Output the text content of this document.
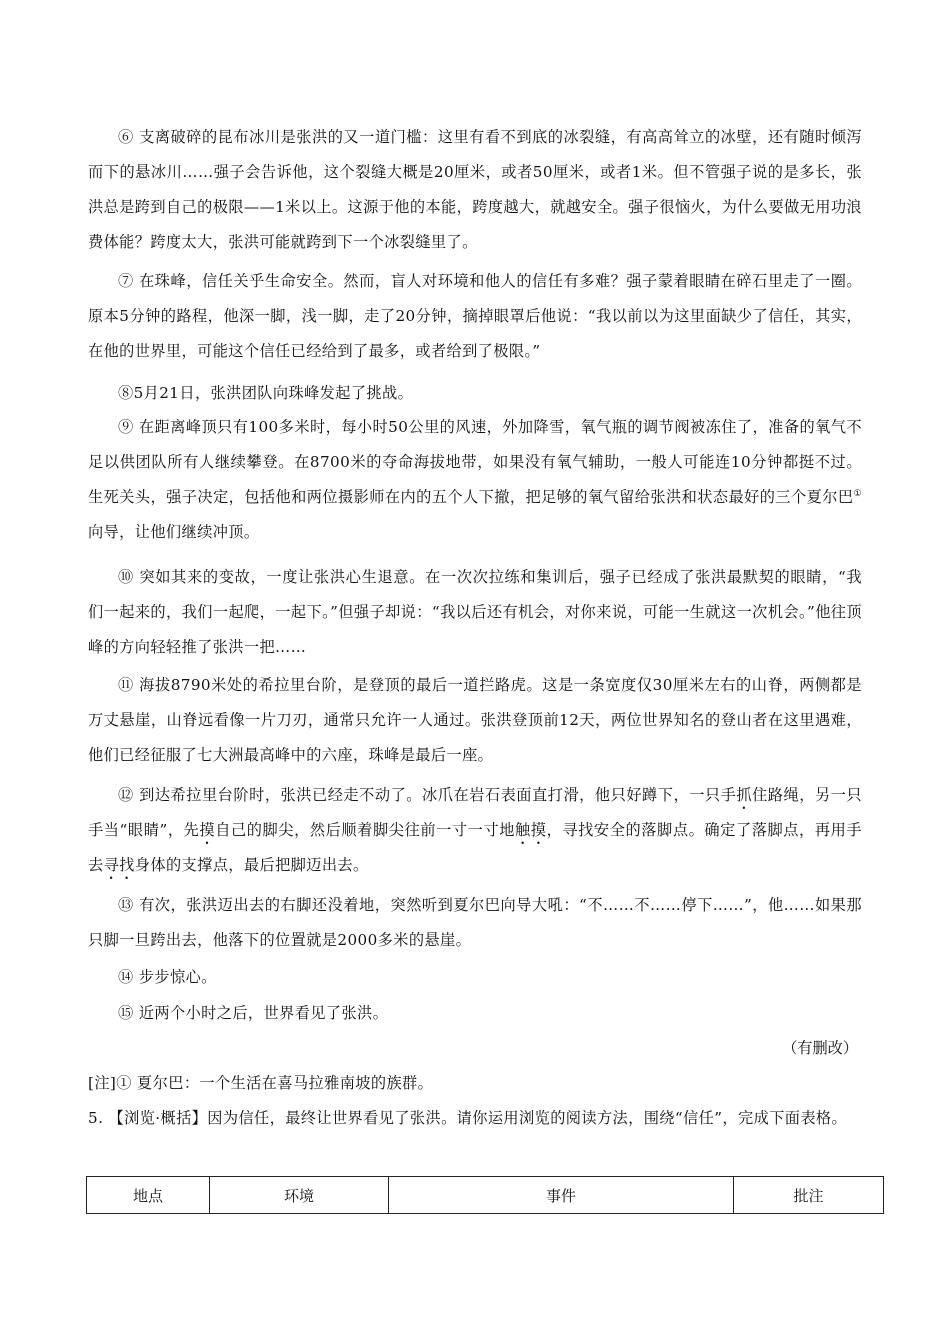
⑥ 支离破碎的昆布冰川是张洪的又一道门槛：这里有看不到底的冰裂缝，有高高耸立的冰壁，还有随时倾泻而下的悬冰川……强子会告诉他，这个裂缝大概是20厘米，或者50厘米，或者1米。但不管强子说的是多长，张洪总是跨到自己的极限——1米以上。这源于他的本能，跨度越大，就越安全。强子很恼火，为什么要做无用功浪费体能？跨度太大，张洪可能就跨到下一个冰裂缝里了。

⑦ 在珠峰，信任关乎生命安全。然而，盲人对环境和他人的信任有多难？强子蒙着眼睛在碎石里走了一圈。原本5分钟的路程，他深一脚，浅一脚，走了20分钟，摘掉眼罩后他说：“我以前以为这里面缺少了信任，其实，在他的世界里，可能这个信任已经给到了最多，或者给到了极限。”

⑧5月21日，张洪团队向珠峰发起了挑战。

⑨ 在距离峰顶只有100多米时，每小时50公里的风速，外加降雪，氧气瓶的调节阀被冻住了，准备的氧气不足以供团队所有人继续攀登。在8700米的夺命海拔地带，如果没有氧气辅助，一般人可能连10分钟都挺不过。生死关头，强子决定，包括他和两位摄影师在内的五个人下撤，把足够的氧气留给张洪和状态最好的三个夏尔巴①向导，让他们继续冲顶。

⑩ 突如其来的变故，一度让张洪心生退意。在一次次拉练和集训后，强子已经成了张洪最默契的眼睛，“我们一起来的，我们一起爬，一起下。”但强子却说：“我以后还有机会，对你来说，可能一生就这一次机会。”他往顶峰的方向轻轻推了张洪一把……

⑪ 海拔8790米处的希拉里台阶，是登顶的最后一道拦路虎。这是一条宽度仅30厘米左右的山脊，两侧都是万丈悬崖，山脊远看像一片刀刃，通常只允许一人通过。张洪登顶前12天，两位世界知名的登山者在这里遇难，他们已经征服了七大洲最高峰中的六座，珠峰是最后一座。

⑫ 到达希拉里台阶时，张洪已经走不动了。冰爪在岩石表面直打滑，他只好蹲下，一只手抓住路绳，另一只手当“眼睛”，先摸自己的脚尖，然后顺着脚尖往前一寸一寸地触摸，寻找安全的落脚点。确定了落脚点，再用手去寻找身体的支撑点，最后把脚迈出去。

⑬ 有次，张洪迈出去的右脚还没着地，突然听到夏尔巴向导大吼：“不……不……停下……”，他……如果那只脚一旦跨出去，他落下的位置就是2000多米的悬崖。

⑭ 步步惊心。

⑮ 近两个小时之后，世界看见了张洪。

（有删改）

[注]① 夏尔巴：一个生活在喜马拉雅南坡的族群。

5. 【浏览·概括】因为信任，最终让世界看见了张洪。请你运用浏览的阅读方法，围绕“信任”，完成下面表格。

地点	环境	事件	批注
